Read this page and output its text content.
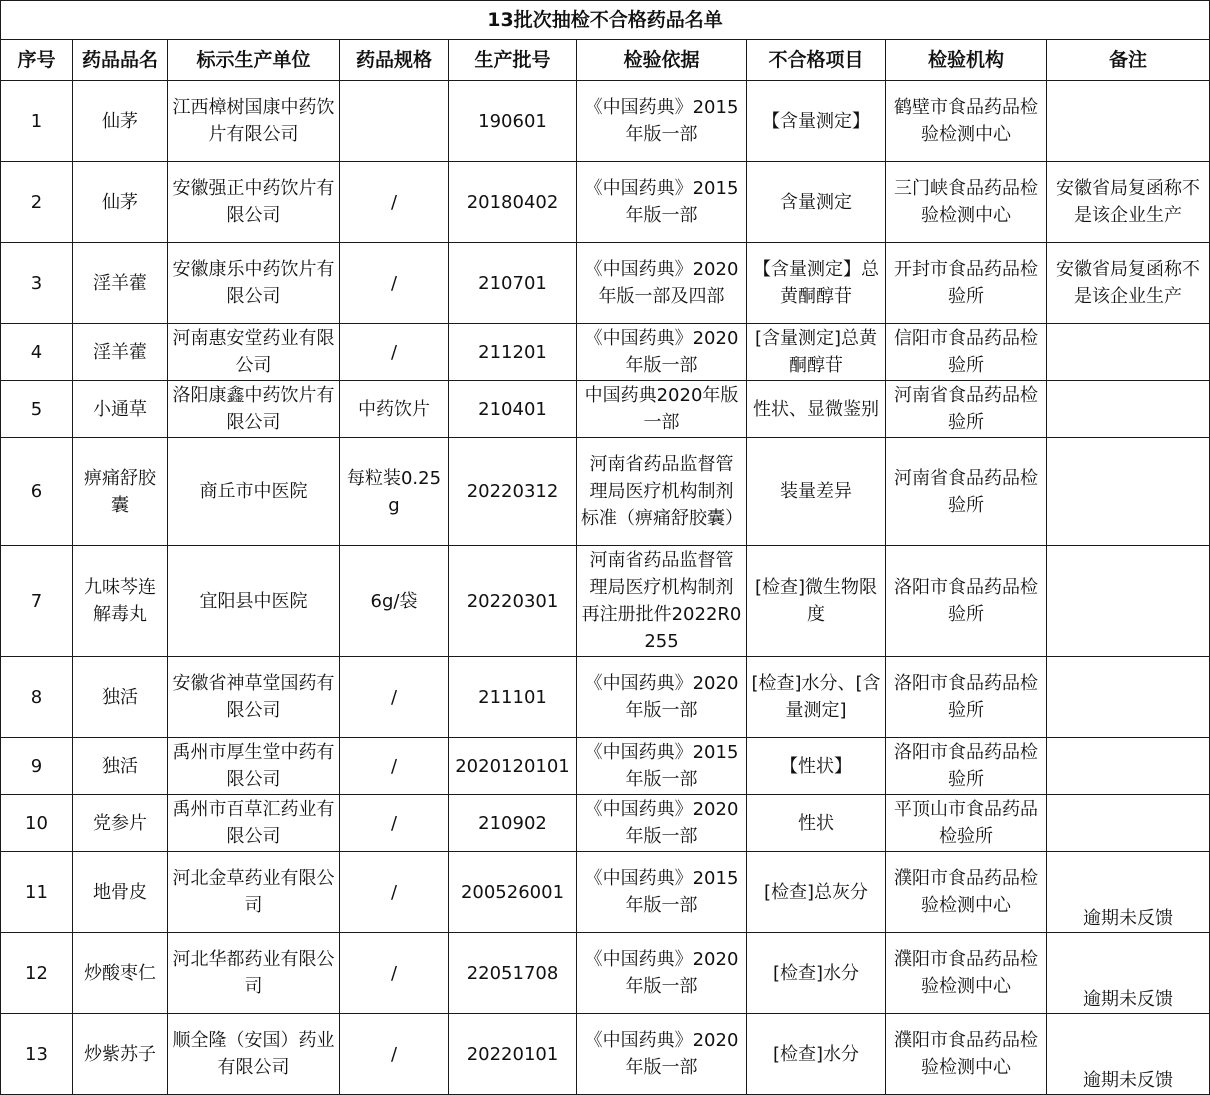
13批次抽检不合格药品名单								
序号	药品品名	标示生产单位	药品规格	生产批号	检验依据	不合格项目	检验机构	备注
1	仙茅	江西樟树国康中药饮片有限公司		190601	《中国药典》2015年版一部	【含量测定】	鹤壁市食品药品检验检测中心	
2	仙茅	安徽强正中药饮片有限公司	/	20180402	《中国药典》2015年版一部	含量测定	三门峡食品药品检验检测中心	安徽省局复函称不是该企业生产
3	淫羊藿	安徽康乐中药饮片有限公司	/	210701	《中国药典》2020年版一部及四部	【含量测定】总黄酮醇苷	开封市食品药品检验所	安徽省局复函称不是该企业生产
4	淫羊藿	河南惠安堂药业有限公司	/	211201	《中国药典》2020年版一部	[含量测定]总黄酮醇苷	信阳市食品药品检验所	
5	小通草	洛阳康鑫中药饮片有限公司	中药饮片	210401	中国药典2020年版一部	性状、显微鉴别	河南省食品药品检验所	
6	痹痛舒胶囊	商丘市中医院	每粒装0.25g	20220312	河南省药品监督管理局医疗机构制剂标准（痹痛舒胶囊）	装量差异	河南省食品药品检验所	
7	九味芩连解毒丸	宜阳县中医院	6g/袋	20220301	河南省药品监督管理局医疗机构制剂再注册批件2022R0255	[检查]微生物限度	洛阳市食品药品检验所	
8	独活	安徽省神草堂国药有限公司	/	211101	《中国药典》2020年版一部	[检查]水分、[含量测定]	洛阳市食品药品检验所	
9	独活	禹州市厚生堂中药有限公司	/	2020120101	《中国药典》2015年版一部	【性状】	洛阳市食品药品检验所	
10	党参片	禹州市百草汇药业有限公司	/	210902	《中国药典》2020年版一部	性状	平顶山市食品药品检验所	
11	地骨皮	河北金草药业有限公司	/	200526001	《中国药典》2015年版一部	[检查]总灰分	濮阳市食品药品检验检测中心	逾期未反馈
12	炒酸枣仁	河北华都药业有限公司	/	22051708	《中国药典》2020年版一部	[检查]水分	濮阳市食品药品检验检测中心	逾期未反馈
13	炒紫苏子	顺全隆（安国）药业有限公司	/	20220101	《中国药典》2020年版一部	[检查]水分	濮阳市食品药品检验检测中心	逾期未反馈
